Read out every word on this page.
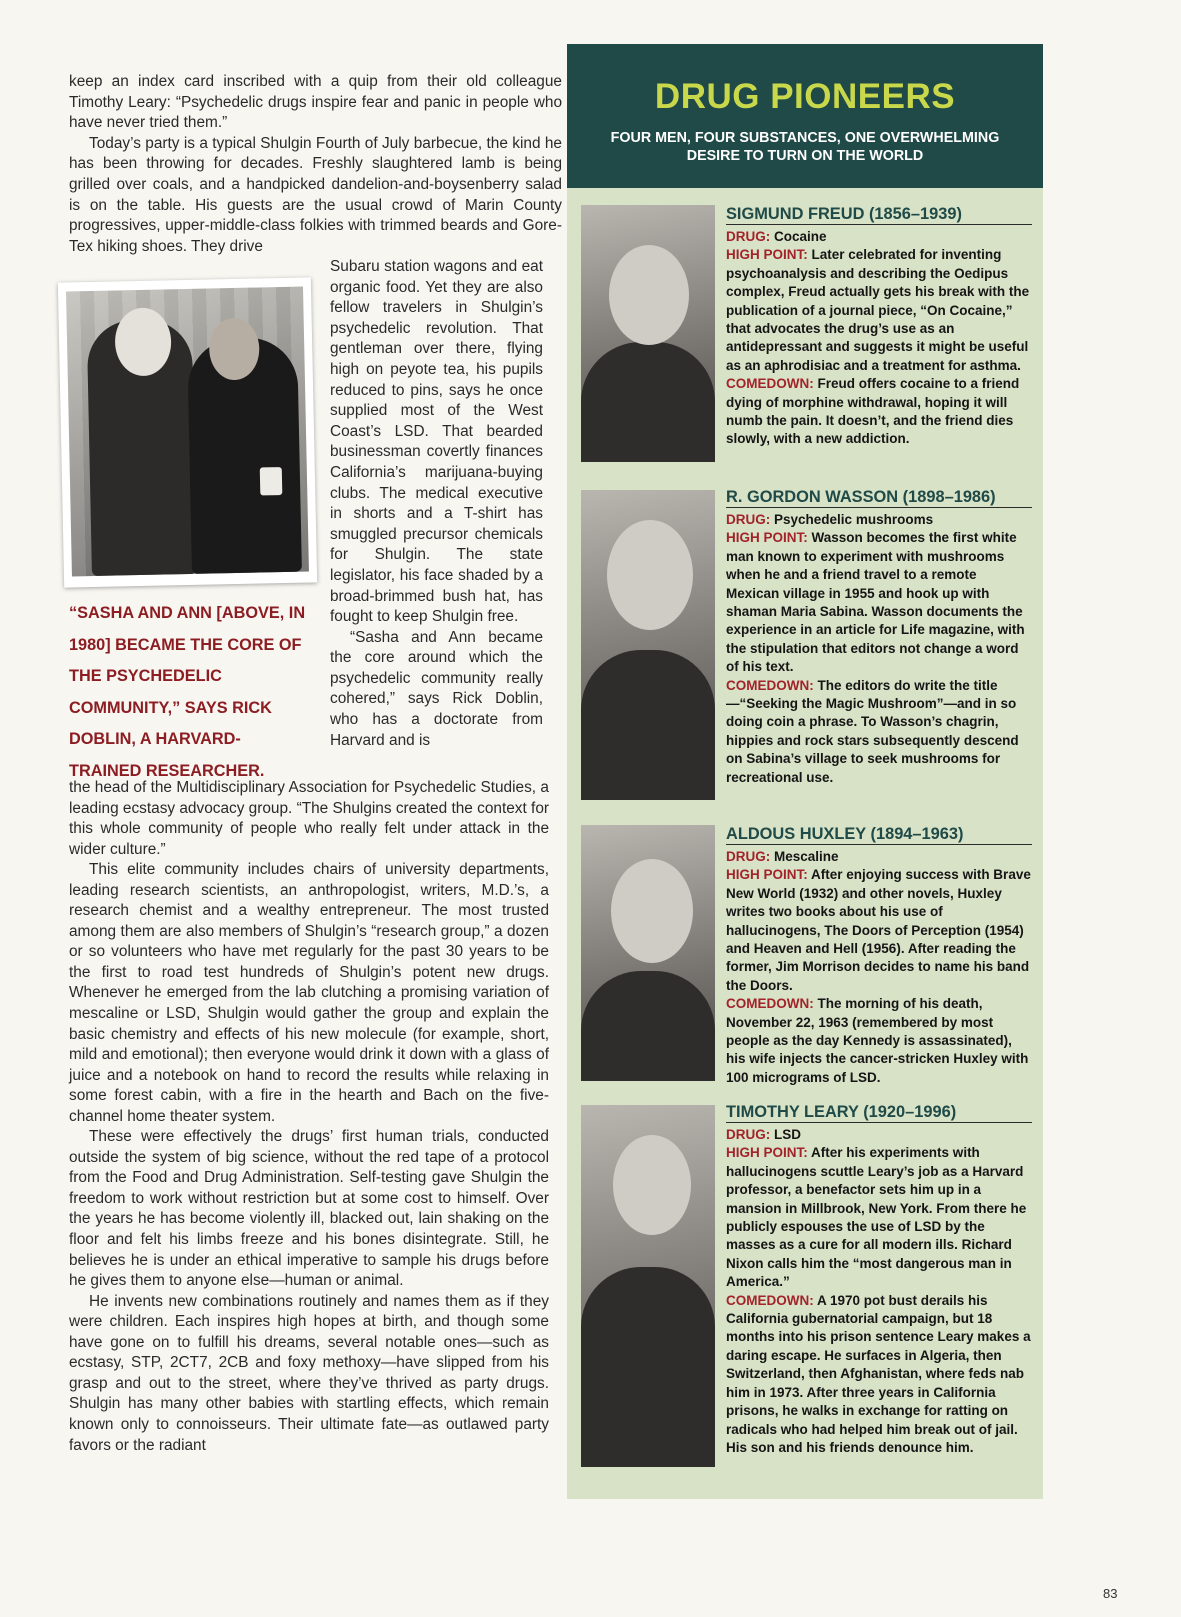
keep an index card inscribed with a quip from their old colleague Timothy Leary: “Psychedelic drugs inspire fear and panic in people who have never tried them.”

Today’s party is a typical Shulgin Fourth of July barbecue, the kind he has been throwing for decades. Freshly slaughtered lamb is being grilled over coals, and a handpicked dandelion-and-boysenberry salad is on the table. His guests are the usual crowd of Marin County progressives, upper-middle-class folkies with trimmed beards and Gore-Tex hiking shoes. They drive

“SASHA AND ANN [ABOVE, IN 1980] BECAME THE CORE OF THE PSYCHEDELIC COMMUNITY,” SAYS RICK DOBLIN, A HARVARD-TRAINED RESEARCHER.

Subaru station wagons and eat organic food. Yet they are also fellow travelers in Shulgin’s psychedelic revolution. That gentleman over there, flying high on peyote tea, his pupils reduced to pins, says he once supplied most of the West Coast’s LSD. That bearded businessman covertly finances California’s marijuana-buying clubs. The medical executive in shorts and a T-shirt has smuggled precursor chemicals for Shulgin. The state legislator, his face shaded by a broad-brimmed bush hat, has fought to keep Shulgin free.

“Sasha and Ann became the core around which the psychedelic community really cohered,” says Rick Doblin, who has a doctorate from Harvard and is

the head of the Multidisciplinary Association for Psychedelic Studies, a leading ecstasy advocacy group. “The Shulgins created the context for this whole community of people who really felt under attack in the wider culture.”

This elite community includes chairs of university departments, leading research scientists, an anthropologist, writers, M.D.’s, a research chemist and a wealthy entrepreneur. The most trusted among them are also members of Shulgin’s “research group,” a dozen or so volunteers who have met regularly for the past 30 years to be the first to road test hundreds of Shulgin’s potent new drugs. Whenever he emerged from the lab clutching a promising variation of mescaline or LSD, Shulgin would gather the group and explain the basic chemistry and effects of his new molecule (for example, short, mild and emotional); then everyone would drink it down with a glass of juice and a notebook on hand to record the results while relaxing in some forest cabin, with a fire in the hearth and Bach on the five-channel home theater system.

These were effectively the drugs’ first human trials, conducted outside the system of big science, without the red tape of a protocol from the Food and Drug Administration. Self-testing gave Shulgin the freedom to work without restriction but at some cost to himself. Over the years he has become violently ill, blacked out, lain shaking on the floor and felt his limbs freeze and his bones disintegrate. Still, he believes he is under an ethical imperative to sample his drugs before he gives them to anyone else—human or animal.

He invents new combinations routinely and names them as if they were children. Each inspires high hopes at birth, and though some have gone on to fulfill his dreams, several notable ones—such as ecstasy, STP, 2CT7, 2CB and foxy methoxy—have slipped from his grasp and out to the street, where they’ve thrived as party drugs. Shulgin has many other babies with startling effects, which remain known only to connoisseurs. Their ultimate fate—as outlawed party favors or the radiant

DRUG PIONEERS

FOUR MEN, FOUR SUBSTANCES, ONE OVERWHELMING DESIRE TO TURN ON THE WORLD

SIGMUND FREUD (1856–1939)

DRUG: Cocaine
HIGH POINT: Later celebrated for inventing psychoanalysis and describing the Oedipus complex, Freud actually gets his break with the publication of a journal piece, “On Cocaine,” that advocates the drug’s use as an antidepressant and suggests it might be useful as an aphrodisiac and a treatment for asthma.
COMEDOWN: Freud offers cocaine to a friend dying of morphine withdrawal, hoping it will numb the pain. It doesn’t, and the friend dies slowly, with a new addiction.

R. GORDON WASSON (1898–1986)

DRUG: Psychedelic mushrooms
HIGH POINT: Wasson becomes the first white man known to experiment with mushrooms when he and a friend travel to a remote Mexican village in 1955 and hook up with shaman Maria Sabina. Wasson documents the experience in an article for Life magazine, with the stipulation that editors not change a word of his text.
COMEDOWN: The editors do write the title—“Seeking the Magic Mushroom”—and in so doing coin a phrase. To Wasson’s chagrin, hippies and rock stars subsequently descend on Sabina’s village to seek mushrooms for recreational use.

ALDOUS HUXLEY (1894–1963)

DRUG: Mescaline
HIGH POINT: After enjoying success with Brave New World (1932) and other novels, Huxley writes two books about his use of hallucinogens, The Doors of Perception (1954) and Heaven and Hell (1956). After reading the former, Jim Morrison decides to name his band the Doors.
COMEDOWN: The morning of his death, November 22, 1963 (remembered by most people as the day Kennedy is assassinated), his wife injects the cancer-stricken Huxley with 100 micrograms of LSD.

TIMOTHY LEARY (1920–1996)

DRUG: LSD
HIGH POINT: After his experiments with hallucinogens scuttle Leary’s job as a Harvard professor, a benefactor sets him up in a mansion in Millbrook, New York. From there he publicly espouses the use of LSD by the masses as a cure for all modern ills. Richard Nixon calls him the “most dangerous man in America.”
COMEDOWN: A 1970 pot bust derails his California gubernatorial campaign, but 18 months into his prison sentence Leary makes a daring escape. He surfaces in Algeria, then Switzerland, then Afghanistan, where feds nab him in 1973. After three years in California prisons, he walks in exchange for ratting on radicals who had helped him break out of jail. His son and his friends denounce him.

83
